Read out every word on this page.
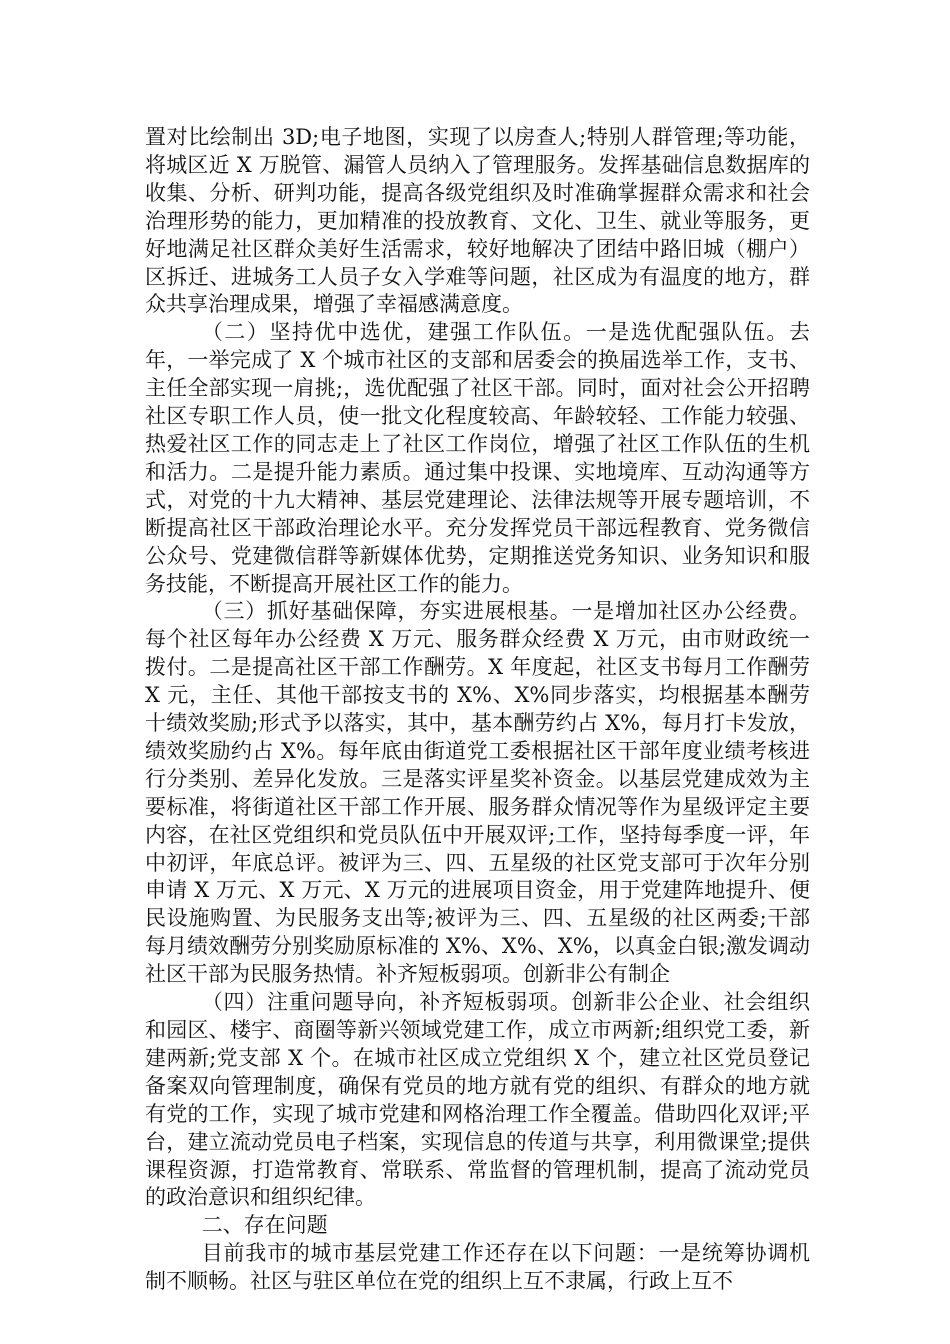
置对比绘制出 3D;电子地图，实现了以房查人;特别人群管理;等功能，将城区近 X 万脱管、漏管人员纳入了管理服务。发挥基础信息数据库的收集、分析、研判功能，提高各级党组织及时准确掌握群众需求和社会治理形势的能力，更加精准的投放教育、文化、卫生、就业等服务，更好地满足社区群众美好生活需求，较好地解决了团结中路旧城（棚户）区拆迁、进城务工人员子女入学难等问题，社区成为有温度的地方，群众共享治理成果，增强了幸福感满意度。

（二）坚持优中选优，建强工作队伍。一是选优配强队伍。去年，一举完成了 X 个城市社区的支部和居委会的换届选举工作，支书、主任全部实现一肩挑;，选优配强了社区干部。同时，面对社会公开招聘社区专职工作人员，使一批文化程度较高、年龄较轻、工作能力较强、热爱社区工作的同志走上了社区工作岗位，增强了社区工作队伍的生机和活力。二是提升能力素质。通过集中投课、实地境库、互动沟通等方式，对党的十九大精神、基层党建理论、法律法规等开展专题培训，不断提高社区干部政治理论水平。充分发挥党员干部远程教育、党务微信公众号、党建微信群等新媒体优势，定期推送党务知识、业务知识和服务技能，不断提高开展社区工作的能力。

（三）抓好基础保障，夯实进展根基。一是增加社区办公经费。每个社区每年办公经费 X 万元、服务群众经费 X 万元，由市财政统一拨付。二是提高社区干部工作酬劳。X 年度起，社区支书每月工作酬劳 X 元，主任、其他干部按支书的 X%、X%同步落实，均根据基本酬劳十绩效奖励;形式予以落实，其中，基本酬劳约占 X%，每月打卡发放，绩效奖励约占 X%。每年底由街道党工委根据社区干部年度业绩考核进行分类别、差异化发放。三是落实评星奖补资金。以基层党建成效为主要标准，将街道社区干部工作开展、服务群众情况等作为星级评定主要内容，在社区党组织和党员队伍中开展双评;工作，坚持每季度一评，年中初评，年底总评。被评为三、四、五星级的社区党支部可于次年分别申请 X 万元、X 万元、X 万元的进展项目资金，用于党建阵地提升、便民设施购置、为民服务支出等;被评为三、四、五星级的社区两委;干部每月绩效酬劳分别奖励原标准的 X%、X%、X%，以真金白银;激发调动社区干部为民服务热情。补齐短板弱项。创新非公有制企

（四）注重问题导向，补齐短板弱项。创新非公企业、社会组织和园区、楼宇、商圈等新兴领域党建工作，成立市两新;组织党工委，新建两新;党支部 X 个。在城市社区成立党组织 X 个，建立社区党员登记备案双向管理制度，确保有党员的地方就有党的组织、有群众的地方就有党的工作，实现了城市党建和网格治理工作全覆盖。借助四化双评;平台，建立流动党员电子档案，实现信息的传道与共享，利用微课堂;提供课程资源，打造常教育、常联系、常监督的管理机制，提高了流动党员的政治意识和组织纪律。

二、存在问题

目前我市的城市基层党建工作还存在以下问题：一是统筹协调机制不顺畅。社区与驻区单位在党的组织上互不隶属，行政上互不
